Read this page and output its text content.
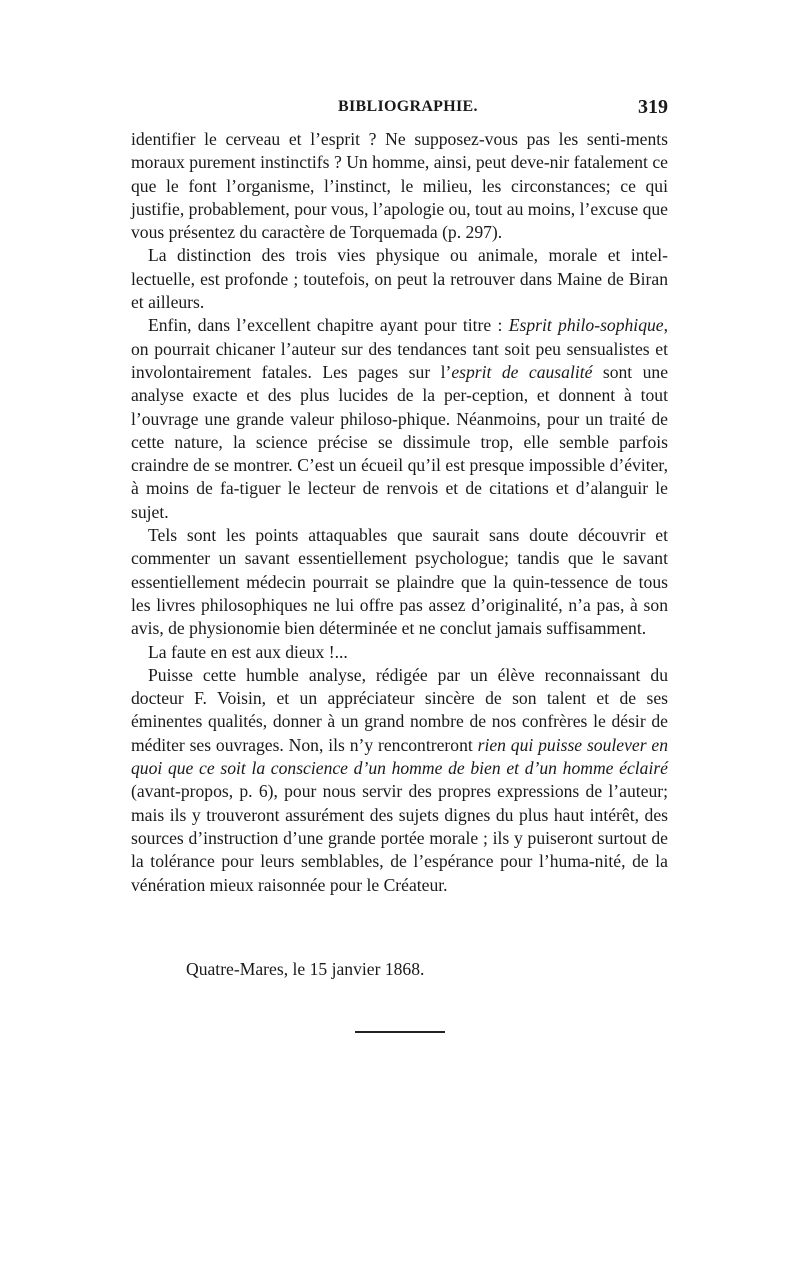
BIBLIOGRAPHIE.	319

identifier le cerveau et l’esprit ? Ne supposez-vous pas les senti-ments moraux purement instinctifs ? Un homme, ainsi, peut deve-nir fatalement ce que le font l’organisme, l’instinct, le milieu, les circonstances; ce qui justifie, probablement, pour vous, l’apologie ou, tout au moins, l’excuse que vous présentez du caractère de Torquemada (p. 297).

La distinction des trois vies physique ou animale, morale et intel-lectuelle, est profonde ; toutefois, on peut la retrouver dans Maine de Biran et ailleurs.

Enfin, dans l’excellent chapitre ayant pour titre : Esprit philo-sophique, on pourrait chicaner l’auteur sur des tendances tant soit peu sensualistes et involontairement fatales. Les pages sur l’esprit de causalité sont une analyse exacte et des plus lucides de la per-ception, et donnent à tout l’ouvrage une grande valeur philoso-phique. Néanmoins, pour un traité de cette nature, la science précise se dissimule trop, elle semble parfois craindre de se montrer. C’est un écueil qu’il est presque impossible d’éviter, à moins de fa-tiguer le lecteur de renvois et de citations et d’alanguir le sujet.

Tels sont les points attaquables que saurait sans doute découvrir et commenter un savant essentiellement psychologue; tandis que le savant essentiellement médecin pourrait se plaindre que la quin-tessence de tous les livres philosophiques ne lui offre pas assez d’originalité, n’a pas, à son avis, de physionomie bien déterminée et ne conclut jamais suffisamment.

La faute en est aux dieux !...

Puisse cette humble analyse, rédigée par un élève reconnaissant du docteur F. Voisin, et un appréciateur sincère de son talent et de ses éminentes qualités, donner à un grand nombre de nos confrères le désir de méditer ses ouvrages. Non, ils n’y rencontreront rien qui puisse soulever en quoi que ce soit la conscience d’un homme de bien et d’un homme éclairé (avant-propos, p. 6), pour nous servir des propres expressions de l’auteur; mais ils y trouveront assurément des sujets dignes du plus haut intérêt, des sources d’instruction d’une grande portée morale ; ils y puiseront surtout de la tolérance pour leurs semblables, de l’espérance pour l’huma-nité, de la vénération mieux raisonnée pour le Créateur.

Quatre-Mares, le 15 janvier 1868.
